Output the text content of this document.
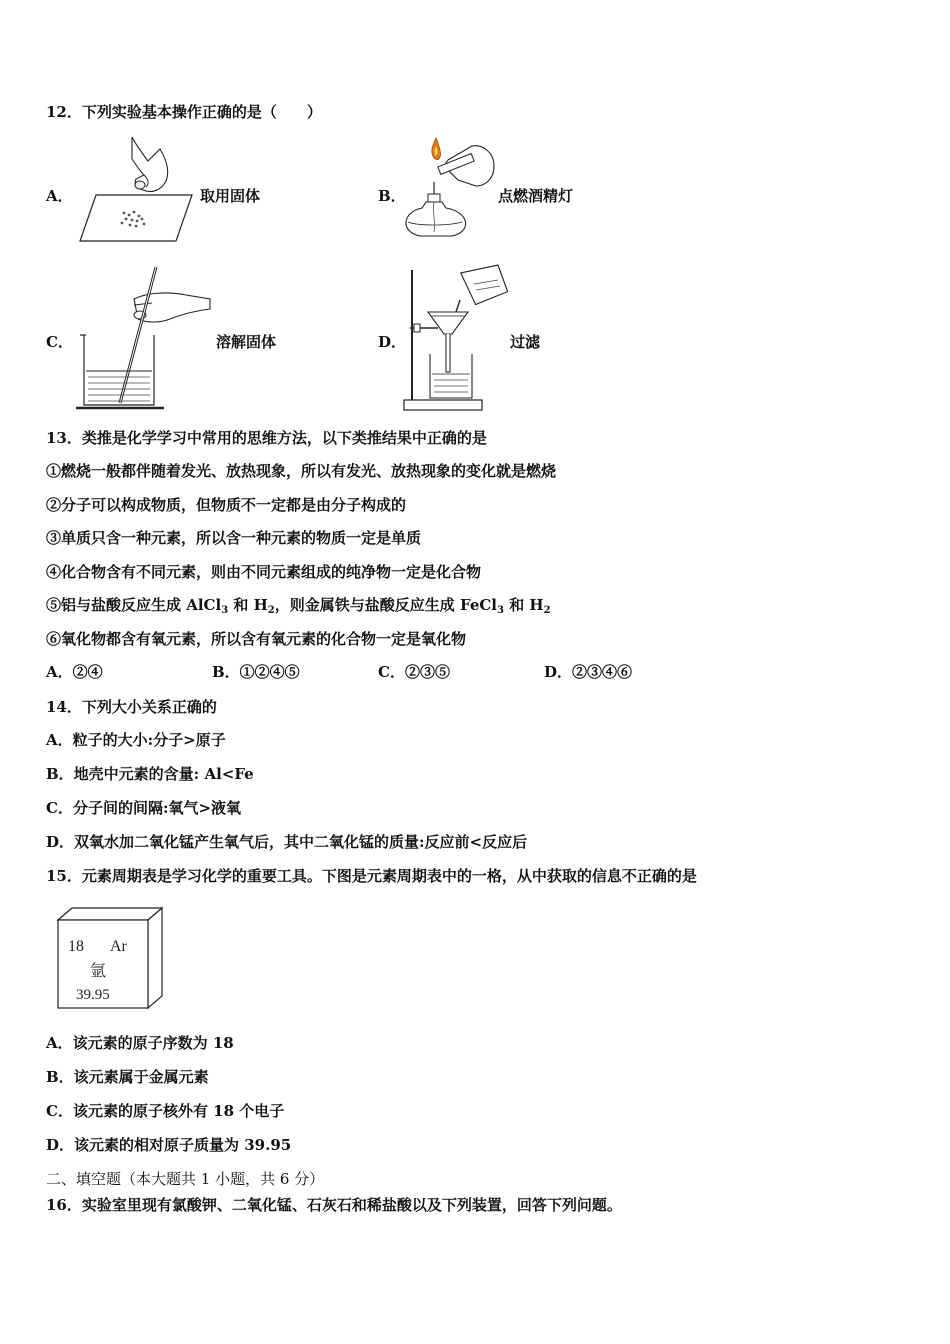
12．下列实验基本操作正确的是（　　）
A．	取用固体	B．	点燃酒精灯
C．	溶解固体	D．	过滤
13．类推是化学学习中常用的思维方法，以下类推结果中正确的是
①燃烧一般都伴随着发光、放热现象，所以有发光、放热现象的变化就是燃烧
②分子可以构成物质，但物质不一定都是由分子构成的
③单质只含一种元素，所以含一种元素的物质一定是单质
④化合物含有不同元素，则由不同元素组成的纯净物一定是化合物
⑤铝与盐酸反应生成 AlCl$_3$ 和 $H_2$，则金属铁与盐酸反应生成 FeCl$_3$ 和 $H_2$
⑥氧化物都含有氧元素，所以含有氧元素的化合物一定是氧化物
A．②④	B．①②④⑤	C．②③⑤	D．②③④⑥
14．下列大小关系正确的
A．粒子的大小:分子>原子
B．地壳中元素的含量: Al<Fe
C．分子间的间隔:氧气>液氧
D．双氧水加二氧化锰产生氧气后，其中二氧化锰的质量:反应前<反应后
15．元素周期表是学习化学的重要工具。下图是元素周期表中的一格，从中获取的信息不正确的是
18 Ar
氩
39.95
A．该元素的原子序数为 18
B．该元素属于金属元素
C．该元素的原子核外有 18 个电子
D．该元素的相对原子质量为 39.95
二、填空题（本大题共 1 小题，共 6 分）
16．实验室里现有氯酸钾、二氧化锰、石灰石和稀盐酸以及下列装置，回答下列问题。
